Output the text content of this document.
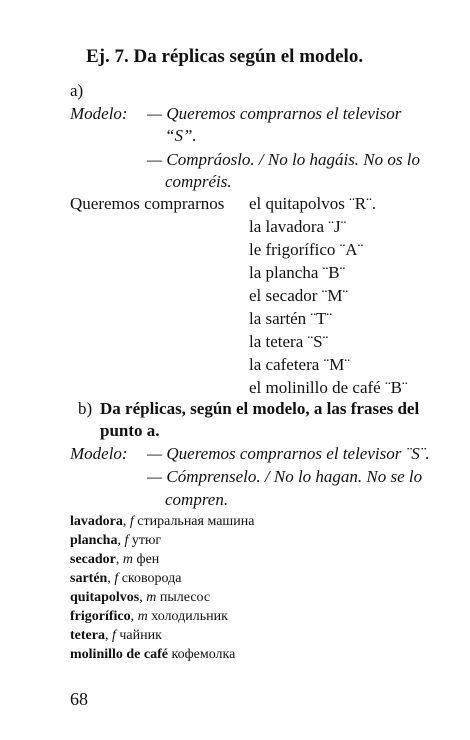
Ej. 7. Da réplicas según el modelo.
a)
Modelo: — Queremos comprarnos el televisor
“S”.
— Compráoslo. / No lo hagáis. No os lo
compréis.
Queremos comprarnos el quitapolvos ¨R¨.
la lavadora ¨J¨
le frigorífico ¨A¨
la plancha ¨B¨
el secador ¨M¨
la sartén ¨T¨
la tetera ¨S¨
la cafetera ¨M¨
el molinillo de café ¨B¨
b) Da réplicas, según el modelo, a las frases del
punto a.
Modelo: — Queremos comprarnos el televisor ¨S¨.
— Cómprenselo. / No lo hagan. No se lo
compren.
lavadora, f стиральная машина
plancha, f утюг
secador, m фен
sartén, f сковорода
quitapolvos, m пылесос
frigorífico, m холодильник
tetera, f чайник
molinillo de café кофемолка
68
